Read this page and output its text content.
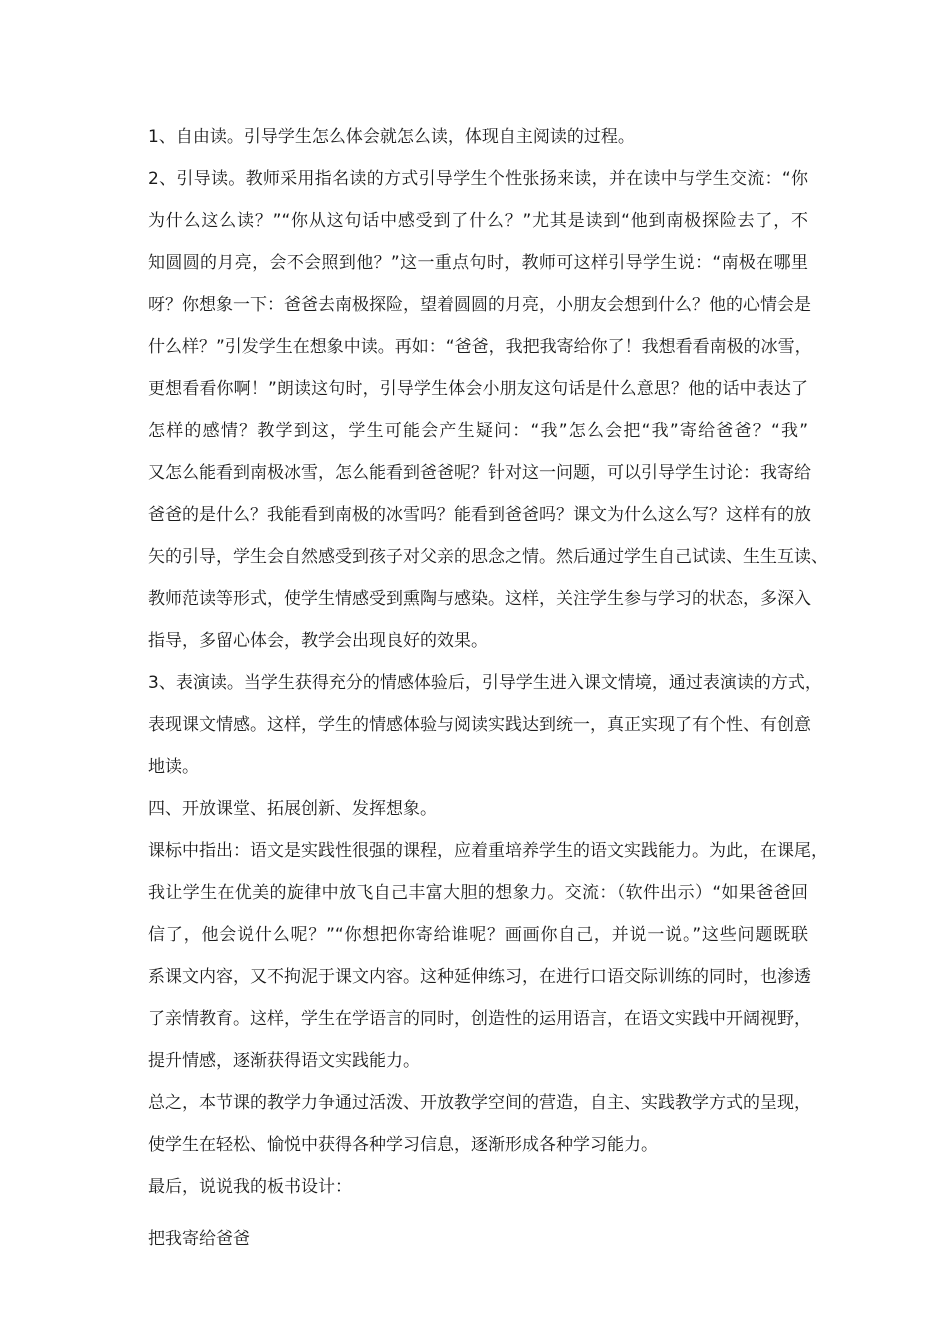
1、自由读。引导学生怎么体会就怎么读，体现自主阅读的过程。
2、引导读。教师采用指名读的方式引导学生个性张扬来读，并在读中与学生交流：“你
为什么这么读？”“你从这句话中感受到了什么？”尤其是读到“他到南极探险去了，不
知圆圆的月亮，会不会照到他？”这一重点句时，教师可这样引导学生说：“南极在哪里
呀？你想象一下：爸爸去南极探险，望着圆圆的月亮，小朋友会想到什么？他的心情会是
什么样？”引发学生在想象中读。再如：“爸爸，我把我寄给你了！我想看看南极的冰雪，
更想看看你啊！”朗读这句时，引导学生体会小朋友这句话是什么意思？他的话中表达了
怎样的感情？教学到这，学生可能会产生疑问：“我”怎么会把“我”寄给爸爸？“我”
又怎么能看到南极冰雪，怎么能看到爸爸呢？针对这一问题，可以引导学生讨论：我寄给
爸爸的是什么？我能看到南极的冰雪吗？能看到爸爸吗？课文为什么这么写？这样有的放
矢的引导，学生会自然感受到孩子对父亲的思念之情。然后通过学生自己试读、生生互读、
教师范读等形式，使学生情感受到熏陶与感染。这样，关注学生参与学习的状态，多深入
指导，多留心体会，教学会出现良好的效果。
3、表演读。当学生获得充分的情感体验后，引导学生进入课文情境，通过表演读的方式，
表现课文情感。这样，学生的情感体验与阅读实践达到统一，真正实现了有个性、有创意
地读。
四、开放课堂、拓展创新、发挥想象。
课标中指出：语文是实践性很强的课程，应着重培养学生的语文实践能力。为此，在课尾，
我让学生在优美的旋律中放飞自己丰富大胆的想象力。交流：（软件出示）“如果爸爸回
信了，他会说什么呢？”“你想把你寄给谁呢？画画你自己，并说一说。”这些问题既联
系课文内容，又不拘泥于课文内容。这种延伸练习，在进行口语交际训练的同时，也渗透
了亲情教育。这样，学生在学语言的同时，创造性的运用语言，在语文实践中开阔视野，
提升情感，逐渐获得语文实践能力。
总之，本节课的教学力争通过活泼、开放教学空间的营造，自主、实践教学方式的呈现，
使学生在轻松、愉悦中获得各种学习信息，逐渐形成各种学习能力。
最后，说说我的板书设计：
把我寄给爸爸
